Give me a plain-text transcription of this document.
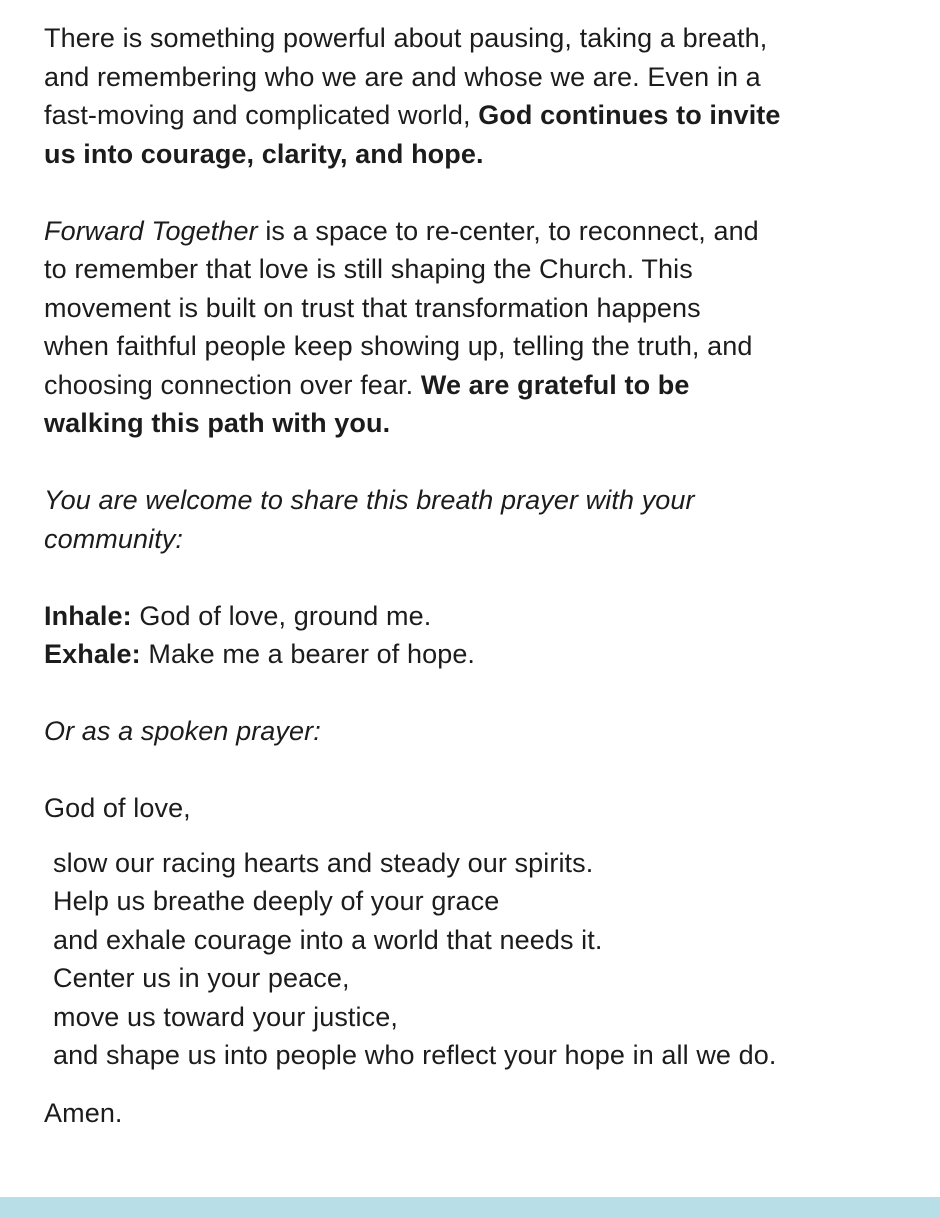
There is something powerful about pausing, taking a breath,
and remembering who we are and whose we are. Even in a
fast-moving and complicated world, God continues to invite
us into courage, clarity, and hope.
Forward Together is a space to re-center, to reconnect, and
to remember that love is still shaping the Church. This
movement is built on trust that transformation happens
when faithful people keep showing up, telling the truth, and
choosing connection over fear. We are grateful to be
walking this path with you.
You are welcome to share this breath prayer with your
community:
Inhale: God of love, ground me.
Exhale: Make me a bearer of hope.
Or as a spoken prayer:
God of love,
slow our racing hearts and steady our spirits.
Help us breathe deeply of your grace
and exhale courage into a world that needs it.
Center us in your peace,
move us toward your justice,
and shape us into people who reflect your hope in all we do.
Amen.
